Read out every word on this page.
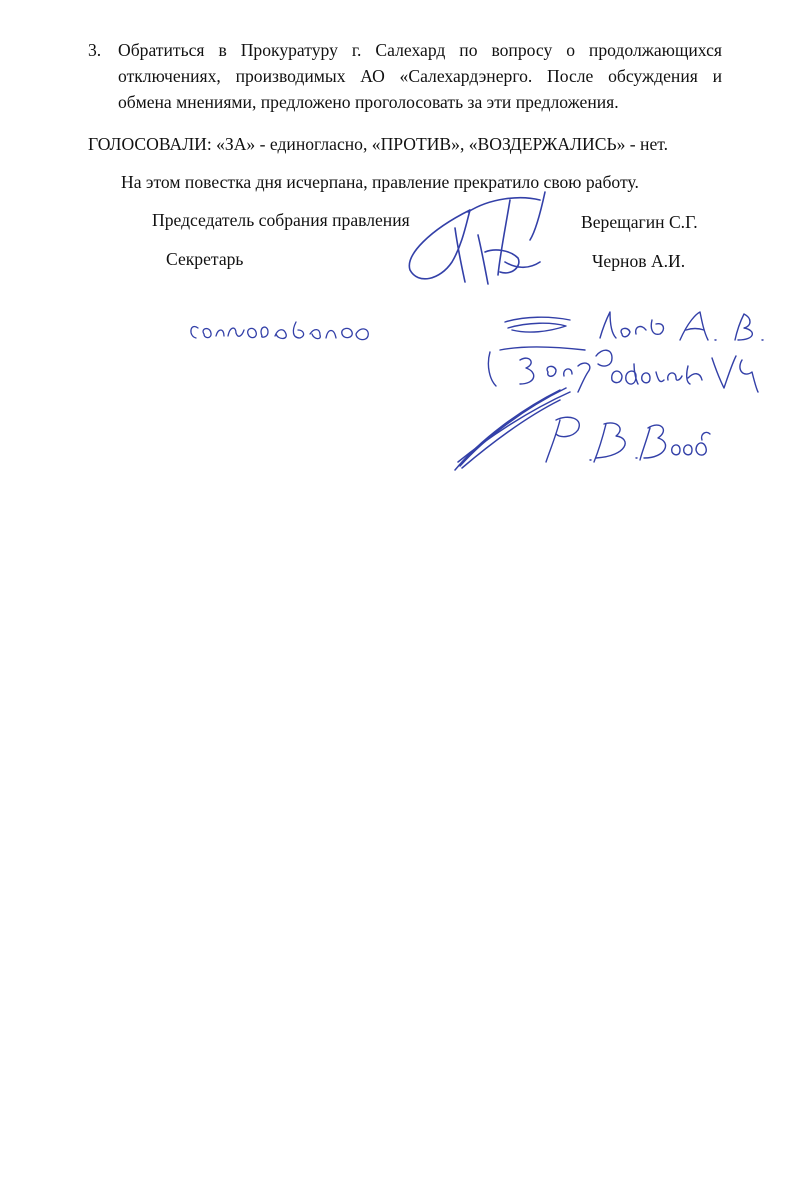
3. Обратиться в Прокуратуру г. Салехард по вопросу о продолжающихся
отключениях, производимых АО «Салехардэнерго. После обсуждения и
обмена мнениями, предложено проголосовать за эти предложения.
ГОЛОСОВАЛИ: «ЗА» - единогласно, «ПРОТИВ», «ВОЗДЕРЖАЛИСЬ» - нет.
На этом повестка дня исчерпана, правление прекратило свою работу.
Председатель собрания правления	Верещагин С.Г.
Секретарь	Чернов А.И.
